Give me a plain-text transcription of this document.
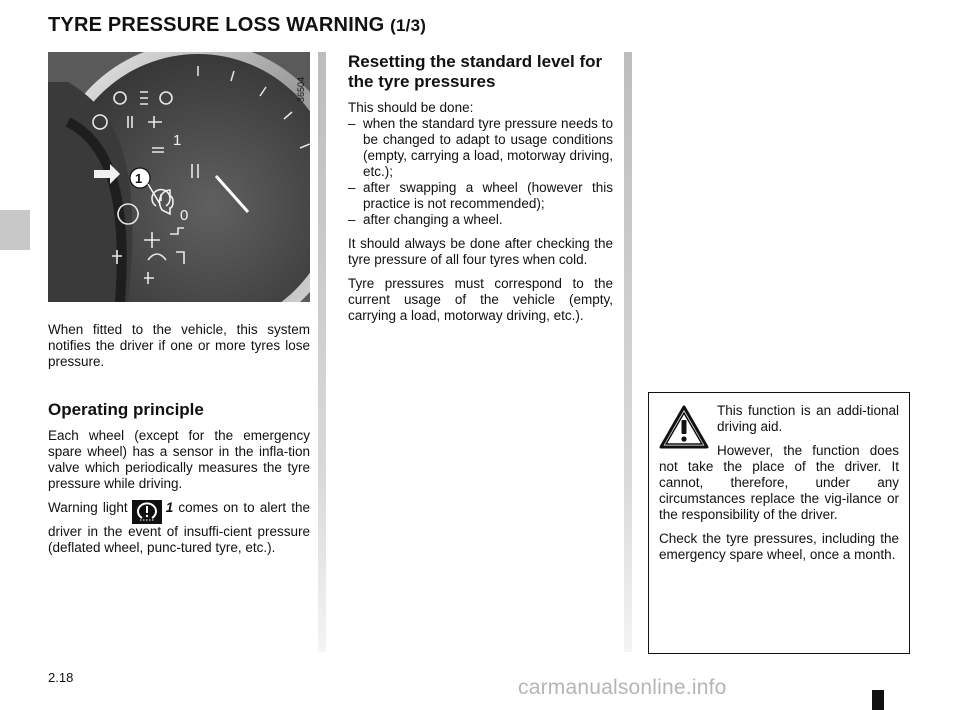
TYRE PRESSURE LOSS WARNING (1/3)
1
0
1
36504

When fitted to the vehicle, this system notifies the driver if one or more tyres lose pressure.

Operating principle

Each wheel (except for the emergency spare wheel) has a sensor in the infla-tion valve which periodically measures the tyre pressure while driving.

Warning light	1 comes on to alert the driver in the event of insuffi-cient pressure (deflated wheel, punc-tured tyre, etc.).

Resetting the standard level for the tyre pressures

This should be done:

– when the standard tyre pressure needs to be changed to adapt to usage conditions (empty, carrying a load, motorway driving, etc.);
– after swapping a wheel (however this practice is not recommended);
– after changing a wheel.

It should always be done after checking the tyre pressure of all four tyres when cold.

Tyre pressures must correspond to the current usage of the vehicle (empty, carrying a load, motorway driving, etc.).

This function is an addi-tional driving aid.

However, the function does not take the place of the driver. It cannot, therefore, under any circumstances replace the vig-ilance or the responsibility of the driver.

Check the tyre pressures, including the emergency spare wheel, once a month.

2.18	carmanualsonline.info
